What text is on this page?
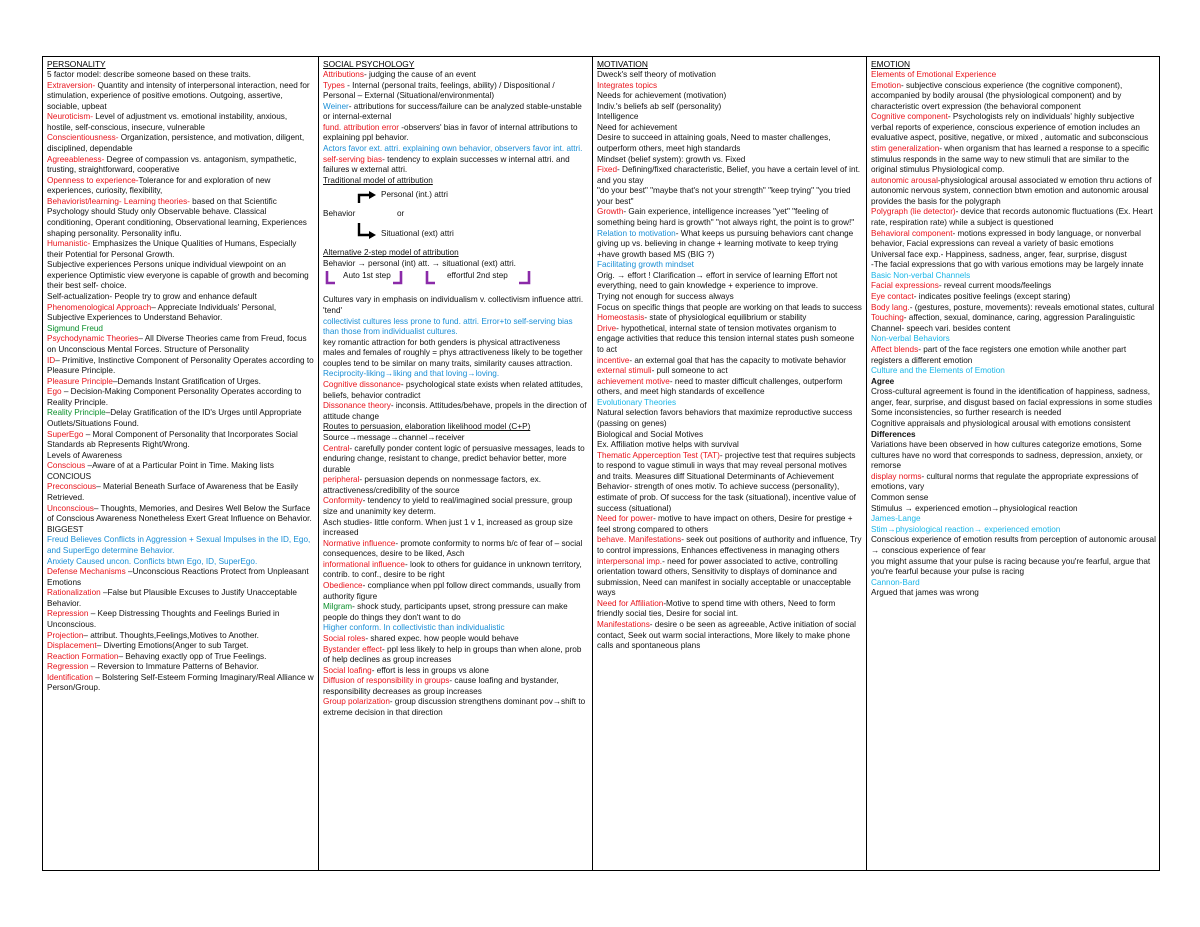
PERSONALITY

5 factor model: describe someone based on these traits.

Extraversion- Quantity and intensity of interpersonal interaction, need for stimulation, experience of positive emotions. Outgoing, assertive, sociable, upbeat

Neuroticism- Level of adjustment vs. emotional instability, anxious, hostile, self-conscious, insecure, vulnerable

Conscientiousness- Organization, persistence, and motivation, diligent, disciplined, dependable

Agreeableness- Degree of compassion vs. antagonism, sympathetic, trusting, straightforward, cooperative

Openness to experience-Tolerance for and exploration of new experiences, curiosity, flexibility,

Behaviorist/learning- Learning theories- based on that Scientific Psychology should Study only Observable behave. Classical conditioning, Operant conditioning, Observational learning, Experiences shaping personality. Personality influ.

Humanistic- Emphasizes the Unique Qualities of Humans, Especially their Potential for Personal Growth.

Subjective experiences Persons unique individual viewpoint on an experience Optimistic view everyone is capable of growth and becoming their best self- choice.

Self-actualization- People try to grow and enhance default

Phenomenological Approach– Appreciate Individuals' Personal, Subjective Experiences to Understand Behavior.

Sigmund Freud

Psychodynamic Theories– All Diverse Theories came from Freud, focus on Unconscious Mental Forces. Structure of Personality

ID– Primitive, Instinctive Component of Personality Operates according to Pleasure Principle.

Pleasure Principle–Demands Instant Gratification of Urges.

Ego – Decision-Making Component Personality Operates according to Reality Principle.

Reality Principle–Delay Gratification of the ID's Urges until Appropriate Outlets/Situations Found.

SuperEgo – Moral Component of Personality that Incorporates Social Standards ab Represents Right/Wrong.

Levels of Awareness

Conscious –Aware of at a Particular Point in Time. Making lists CONCIOUS

Preconscious– Material Beneath Surface of Awareness that be Easily Retrieved.

Unconscious– Thoughts, Memories, and Desires Well Below the Surface of Conscious Awareness Nonetheless Exert Great Influence on Behavior. BIGGEST

Freud Believes Conflicts in Aggression + Sexual Impulses in the ID, Ego, and SuperEgo determine Behavior.

Anxiety Caused uncon. Conflicts btwn Ego, ID, SuperEgo.

Defense Mechanisms –Unconscious Reactions Protect from Unpleasant Emotions

Rationalization –False but Plausible Excuses to Justify Unacceptable Behavior.

Repression – Keep Distressing Thoughts and Feelings Buried in Unconscious.

Projection– attribut. Thoughts,Feelings,Motives to Another.

Displacement– Diverting Emotions(Anger to sub Target.

Reaction Formation– Behaving exactly opp of True Feelings.

Regression – Reversion to Immature Patterns of Behavior.

Identification – Bolstering Self-Esteem Forming Imaginary/Real Alliance w Person/Group.

SOCIAL PSYCHOLOGY

Attributions- judging the cause of an event

Types - Internal (personal traits, feelings, ability) / Dispositional / Personal – External (Situational/environmental)

Weiner- attributions for success/failure can be analyzed stable-unstable or internal-external

fund. attribution error -observers' bias in favor of internal attributions to explaining ppl behavior.

Actors favor ext. attri. explaining own behavior, observers favor int. attri.

self-serving bias- tendency to explain successes w internal attri. and failures w external attri.

Traditional model of attribution

Personal (int.) attri
Behavior	or
Situational (ext) attri

Alternative 2-step model of attribution

Behavior → personal (int) att. → situational (ext) attri.

Auto 1st step	effortful 2nd step

Cultures vary in emphasis on individualism v. collectivism influence attri. 'tend'

collectivist cultures less prone to fund. attri. Error+to self-serving bias than those from individualist cultures.

key romantic attraction for both genders is physical attractiveness

males and females of roughly = phys attractiveness likely to be together

couples tend to be similar on many traits, similarity causes attraction.

Reciprocity-liking→liking and that loving→loving.

Cognitive dissonance- psychological state exists when related attitudes, beliefs, behavior contradict

Dissonance theory- inconsis. Attitudes/behave, propels in the direction of attitude change

Routes to persuasion, elaboration likelihood model (C+P)

Source→message→channel→receiver

Central- carefully ponder content logic of persuasive messages, leads to enduring change, resistant to change, predict behavior better, more durable

peripheral- persuasion depends on nonmessage factors, ex. attractiveness/credibility of the source

Conformity- tendency to yield to real/imagined social pressure, group size and unanimity key determ.

Asch studies- little conform. When just 1 v 1, increased as group size increased

Normative influence- promote conformity to norms b/c of fear of – social consequences, desire to be liked, Asch

informational influence- look to others for guidance in unknown territory, contrib. to conf., desire to be right

Obedience- compliance when ppl follow direct commands, usually from authority figure

Milgram- shock study, participants upset, strong pressure can make people do things they don't want to do

Higher conform. In collectivistic than individualistic

Social roles- shared expec. how people would behave

Bystander effect- ppl less likely to help in groups than when alone, prob of help declines as group increases

Social loafing- effort is less in groups vs alone

Diffusion of responsibility in groups- cause loafing and bystander, responsibility decreases as group increases

Group polarization- group discussion strengthens dominant pov→shift to extreme decision in that direction

MOTIVATION

Dweck's self theory of motivation

Integrates topics

Needs for achievement (motivation)

Indiv.'s beliefs ab self (personality)

Intelligence

Need for achievement

Desire to succeed in attaining goals, Need to master challenges, outperform others, meet high standards

Mindset (belief system): growth vs. Fixed

Fixed- Defining/fixed characteristic, Belief, you have a certain level of int. and you stay

"do your best" "maybe that's not your strength" "keep trying" "you tried your best"

Growth- Gain experience, intelligence increases "yet" "feeling of something being hard is growth" "not always right, the point is to grow!"

Relation to motivation- What keeps us pursuing behaviors cant change giving up vs. believing in change + learning motivate to keep trying +have growth based MS (BIG ?)

Facilitating growth mindset

Orig. → effort ! Clarification→ effort in service of learning Effort not everything, need to gain knowledge + experience to improve.

Trying not enough for success always

Focus on specific things that people are working on that leads to success

Homeostasis- state of physiological equilibrium or stability

Drive- hypothetical, internal state of tension motivates organism to engage activities that reduce this tension internal states push someone to act

incentive- an external goal that has the capacity to motivate behavior

external stimuli- pull someone to act

achievement motive- need to master difficult challenges, outperform others, and meet high standards of excellence

Evolutionary Theories

Natural selection favors behaviors that maximize reproductive success (passing on genes)

Biological and Social Motives

Ex. Affiliation motive helps with survival

Thematic Apperception Test (TAT)- projective test that requires subjects to respond to vague stimuli in ways that may reveal personal motives and traits. Measures diff Situational Determinants of Achievement Behavior- strength of ones motiv. To achieve success (personality), estimate of prob. Of success for the task (situational), incentive value of success (situational)

Need for power- motive to have impact on others, Desire for prestige + feel strong compared to others

behave. Manifestations- seek out positions of authority and influence, Try to control impressions, Enhances effectiveness in managing others

interpersonal imp.- need for power associated to active, controlling orientation toward others, Sensitivity to displays of dominance and submission, Need can manifest in socially acceptable or unacceptable ways

Need for Affiliation-Motive to spend time with others, Need to form friendly social ties, Desire for social int.

Manifestations- desire o be seen as agreeable, Active initiation of social contact, Seek out warm social interactions, More likely to make phone calls and spontaneous plans

EMOTION

Elements of Emotional Experience

Emotion- subjective conscious experience (the cognitive component), accompanied by bodily arousal (the physiological component) and by characteristic overt expression (the behavioral component

Cognitive component- Psychologists rely on individuals' highly subjective verbal reports of experience, conscious experience of emotion includes an evaluative aspect, positive, negative, or mixed , automatic and subconscious

stim generalization- when organism that has learned a response to a specific stimulus responds in the same way to new stimuli that are similar to the original stimulus Physiological comp.

autonomic arousal-physiological arousal associated w emotion thru actions of autonomic nervous system, connection btwn emotion and autonomic arousal provides the basis for the polygraph

Polygraph (lie detector)- device that records autonomic fluctuations (Ex. Heart rate, respiration rate) while a subject is questioned

Behavioral component- motions expressed in body language, or nonverbal behavior, Facial expressions can reveal a variety of basic emotions

Universal face exp.- Happiness, sadness, anger, fear, surprise, disgust

-The facial expressions that go with various emotions may be largely innate

Basic Non-verbal Channels

Facial expressions- reveal current moods/feelings

Eye contact- indicates positive feelings (except staring)

Body lang.- (gestures, posture, movements): reveals emotional states, cultural

Touching- affection, sexual, dominance, caring, aggression Paralinguistic Channel- speech vari. besides content

Non-verbal Behaviors

Affect blends- part of the face registers one emotion while another part registers a different emotion

Culture and the Elements of Emotion

Agree

Cross-cultural agreement is found in the identification of happiness, sadness, anger, fear, surprise, and disgust based on facial expressions in some studies

Some inconsistencies, so further research is needed

Cognitive appraisals and physiological arousal with emotions consistent

Differences

Variations have been observed in how cultures categorize emotions, Some cultures have no word that corresponds to sadness, depression, anxiety, or remorse

display norms- cultural norms that regulate the appropriate expressions of emotions, vary

Common sense

Stimulus → experienced emotion→physiological reaction

James-Lange

Stim→physiological reaction→ experienced emotion

Conscious experience of emotion results from perception of autonomic arousal → conscious experience of fear

you might assume that your pulse is racing because you're fearful, argue that you're fearful because your pulse is racing

Cannon-Bard

Argued that james was wrong
